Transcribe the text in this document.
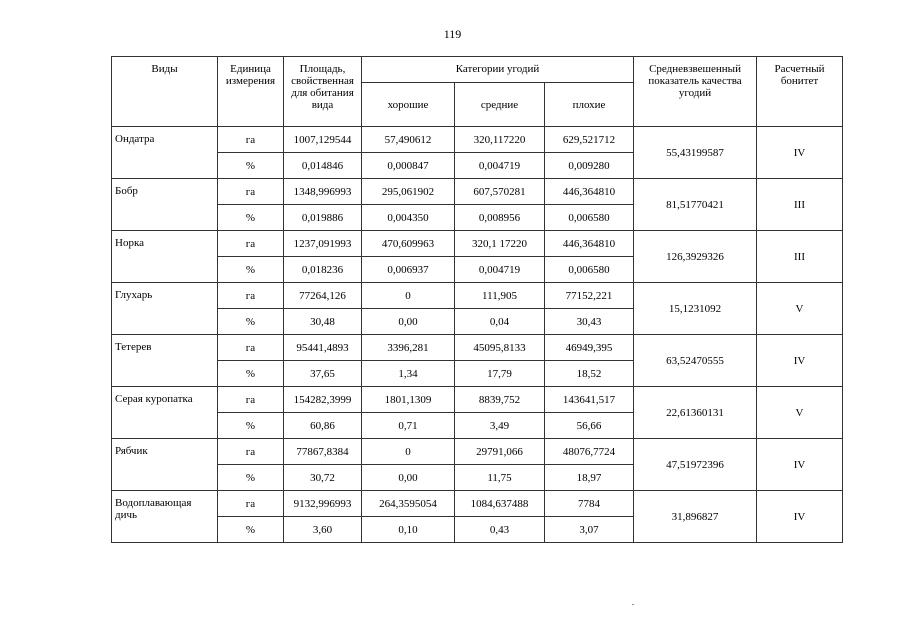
119
Виды	Единица измерения	Площадь, свойственная для обитания вида	Категории угодий			Средневзвешенный показатель качества угодий	Расчетный бонитет
			хорошие	средние	плохие		
Ондатра	га	1007,129544	57,490612	320,117220	629,521712	55,43199587	IV
	%	0,014846	0,000847	0,004719	0,009280		
Бобр	га	1348,996993	295,061902	607,570281	446,364810	81,51770421	III
	%	0,019886	0,004350	0,008956	0,006580		
Норка	га	1237,091993	470,609963	320,1 17220	446,364810	126,3929326	III
	%	0,018236	0,006937	0,004719	0,006580		
Глухарь	га	77264,126	0	111,905	77152,221	15,1231092	V
	%	30,48	0,00	0,04	30,43		
Тетерев	га	95441,4893	3396,281	45095,8133	46949,395	63,52470555	IV
	%	37,65	1,34	17,79	18,52		
Серая куропатка	га	154282,3999	1801,1309	8839,752	143641,517	22,61360131	V
	%	60,86	0,71	3,49	56,66		
Рябчик	га	77867,8384	0	29791,066	48076,7724	47,51972396	IV
	%	30,72	0,00	11,75	18,97		
Водоплавающая дичь	га	9132,996993	264,3595054	1084,637488	7784	31,896827	IV
	%	3,60	0,10	0,43	3,07		
